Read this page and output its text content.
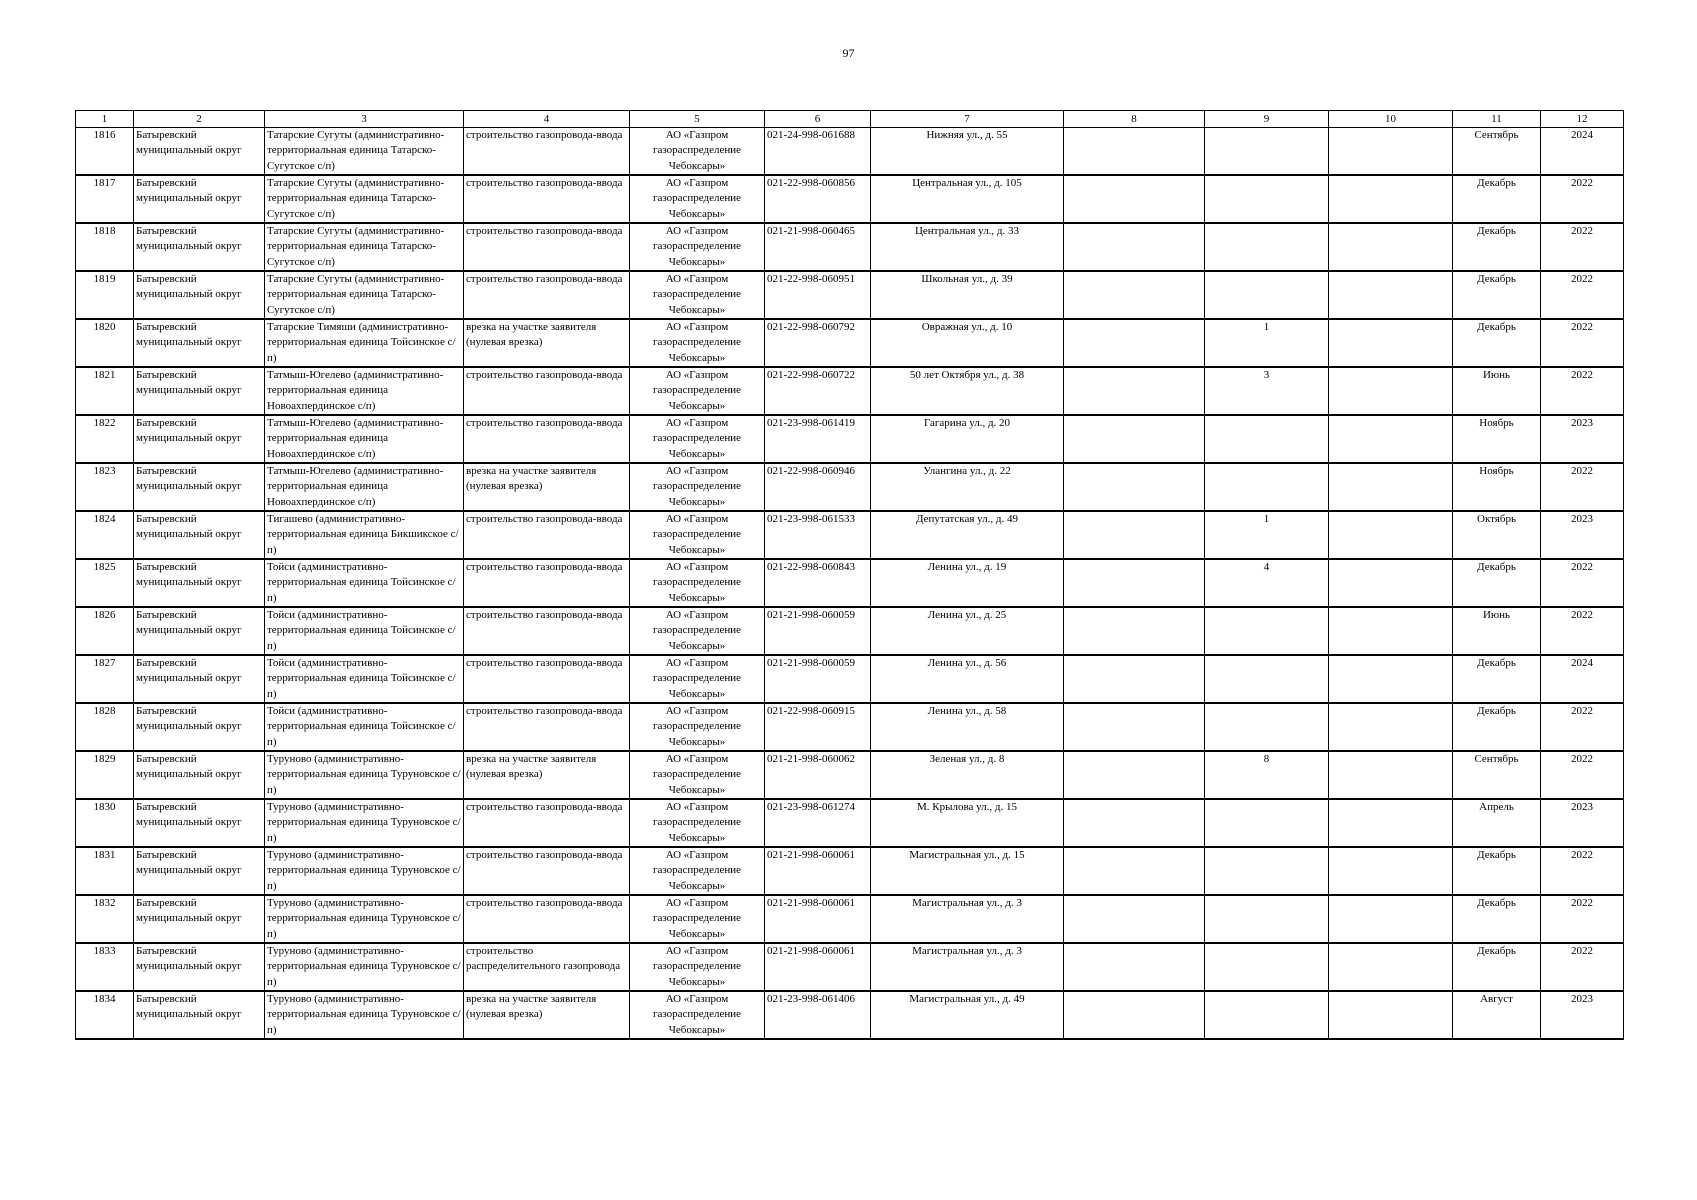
97
1	2	3	4	5	6	7	8	9	10	11	12
1816	Батыревский муниципальный округ	Татарские Сугуты (административно-территориальная единица Татарско- Сугутское с/п)	строительство газопровода-ввода	АО «Газпром газораспределение Чебоксары»	021-24-998-061688	Нижняя ул., д. 55				Сентябрь	2024
1817	Батыревский муниципальный округ	Татарские Сугуты (административно-территориальная единица Татарско- Сугутское с/п)	строительство газопровода-ввода	АО «Газпром газораспределение Чебоксары»	021-22-998-060856	Центральная ул., д. 105				Декабрь	2022
1818	Батыревский муниципальный округ	Татарские Сугуты (административно-территориальная единица Татарско- Сугутское с/п)	строительство газопровода-ввода	АО «Газпром газораспределение Чебоксары»	021-21-998-060465	Центральная ул., д. 33				Декабрь	2022
1819	Батыревский муниципальный округ	Татарские Сугуты (административно-территориальная единица Татарско- Сугутское с/п)	строительство газопровода-ввода	АО «Газпром газораспределение Чебоксары»	021-22-998-060951	Школьная ул., д. 39				Декабрь	2022
1820	Батыревский муниципальный округ	Татарские Тимяши (административно-территориальная единица Тойсинское с/п)	врезка на участке заявителя (нулевая врезка)	АО «Газпром газораспределение Чебоксары»	021-22-998-060792	Овражная ул., д. 10		1		Декабрь	2022
1821	Батыревский муниципальный округ	Татмыш-Югелево (административно-территориальная единица Новоахпердинское с/п)	строительство газопровода-ввода	АО «Газпром газораспределение Чебоксары»	021-22-998-060722	50 лет Октября ул., д. 38		3		Июнь	2022
1822	Батыревский муниципальный округ	Татмыш-Югелево (административно-территориальная единица Новоахпердинское с/п)	строительство газопровода-ввода	АО «Газпром газораспределение Чебоксары»	021-23-998-061419	Гагарина ул., д. 20				Ноябрь	2023
1823	Батыревский муниципальный округ	Татмыш-Югелево (административно-территориальная единица Новоахпердинское с/п)	врезка на участке заявителя (нулевая врезка)	АО «Газпром газораспределение Чебоксары»	021-22-998-060946	Улангина ул., д. 22				Ноябрь	2022
1824	Батыревский муниципальный округ	Тигашево (административно-территориальная единица Бикшикское с/п)	строительство газопровода-ввода	АО «Газпром газораспределение Чебоксары»	021-23-998-061533	Депутатская ул., д. 49		1		Октябрь	2023
1825	Батыревский муниципальный округ	Тойси (административно-территориальная единица Тойсинское с/п)	строительство газопровода-ввода	АО «Газпром газораспределение Чебоксары»	021-22-998-060843	Ленина ул., д. 19		4		Декабрь	2022
1826	Батыревский муниципальный округ	Тойси (административно-территориальная единица Тойсинское с/п)	строительство газопровода-ввода	АО «Газпром газораспределение Чебоксары»	021-21-998-060059	Ленина ул., д. 25				Июнь	2022
1827	Батыревский муниципальный округ	Тойси (административно-территориальная единица Тойсинское с/п)	строительство газопровода-ввода	АО «Газпром газораспределение Чебоксары»	021-21-998-060059	Ленина ул., д. 56				Декабрь	2024
1828	Батыревский муниципальный округ	Тойси (административно-территориальная единица Тойсинское с/п)	строительство газопровода-ввода	АО «Газпром газораспределение Чебоксары»	021-22-998-060915	Ленина ул., д. 58				Декабрь	2022
1829	Батыревский муниципальный округ	Туруново (административно-территориальная единица Туруновское с/п)	врезка на участке заявителя (нулевая врезка)	АО «Газпром газораспределение Чебоксары»	021-21-998-060062	Зеленая ул., д. 8		8		Сентябрь	2022
1830	Батыревский муниципальный округ	Туруново (административно-территориальная единица Туруновское с/п)	строительство газопровода-ввода	АО «Газпром газораспределение Чебоксары»	021-23-998-061274	М. Крылова ул., д. 15				Апрель	2023
1831	Батыревский муниципальный округ	Туруново (административно-территориальная единица Туруновское с/п)	строительство газопровода-ввода	АО «Газпром газораспределение Чебоксары»	021-21-998-060061	Магистральная ул., д. 15				Декабрь	2022
1832	Батыревский муниципальный округ	Туруново (административно-территориальная единица Туруновское с/п)	строительство газопровода-ввода	АО «Газпром газораспределение Чебоксары»	021-21-998-060061	Магистральная ул., д. 3				Декабрь	2022
1833	Батыревский муниципальный округ	Туруново (административно-территориальная единица Туруновское с/п)	строительство распределительного газопровода	АО «Газпром газораспределение Чебоксары»	021-21-998-060061	Магистральная ул., д. 3				Декабрь	2022
1834	Батыревский муниципальный округ	Туруново (административно-территориальная единица Туруновское с/п)	врезка на участке заявителя (нулевая врезка)	АО «Газпром газораспределение Чебоксары»	021-23-998-061406	Магистральная ул., д. 49				Август	2023
